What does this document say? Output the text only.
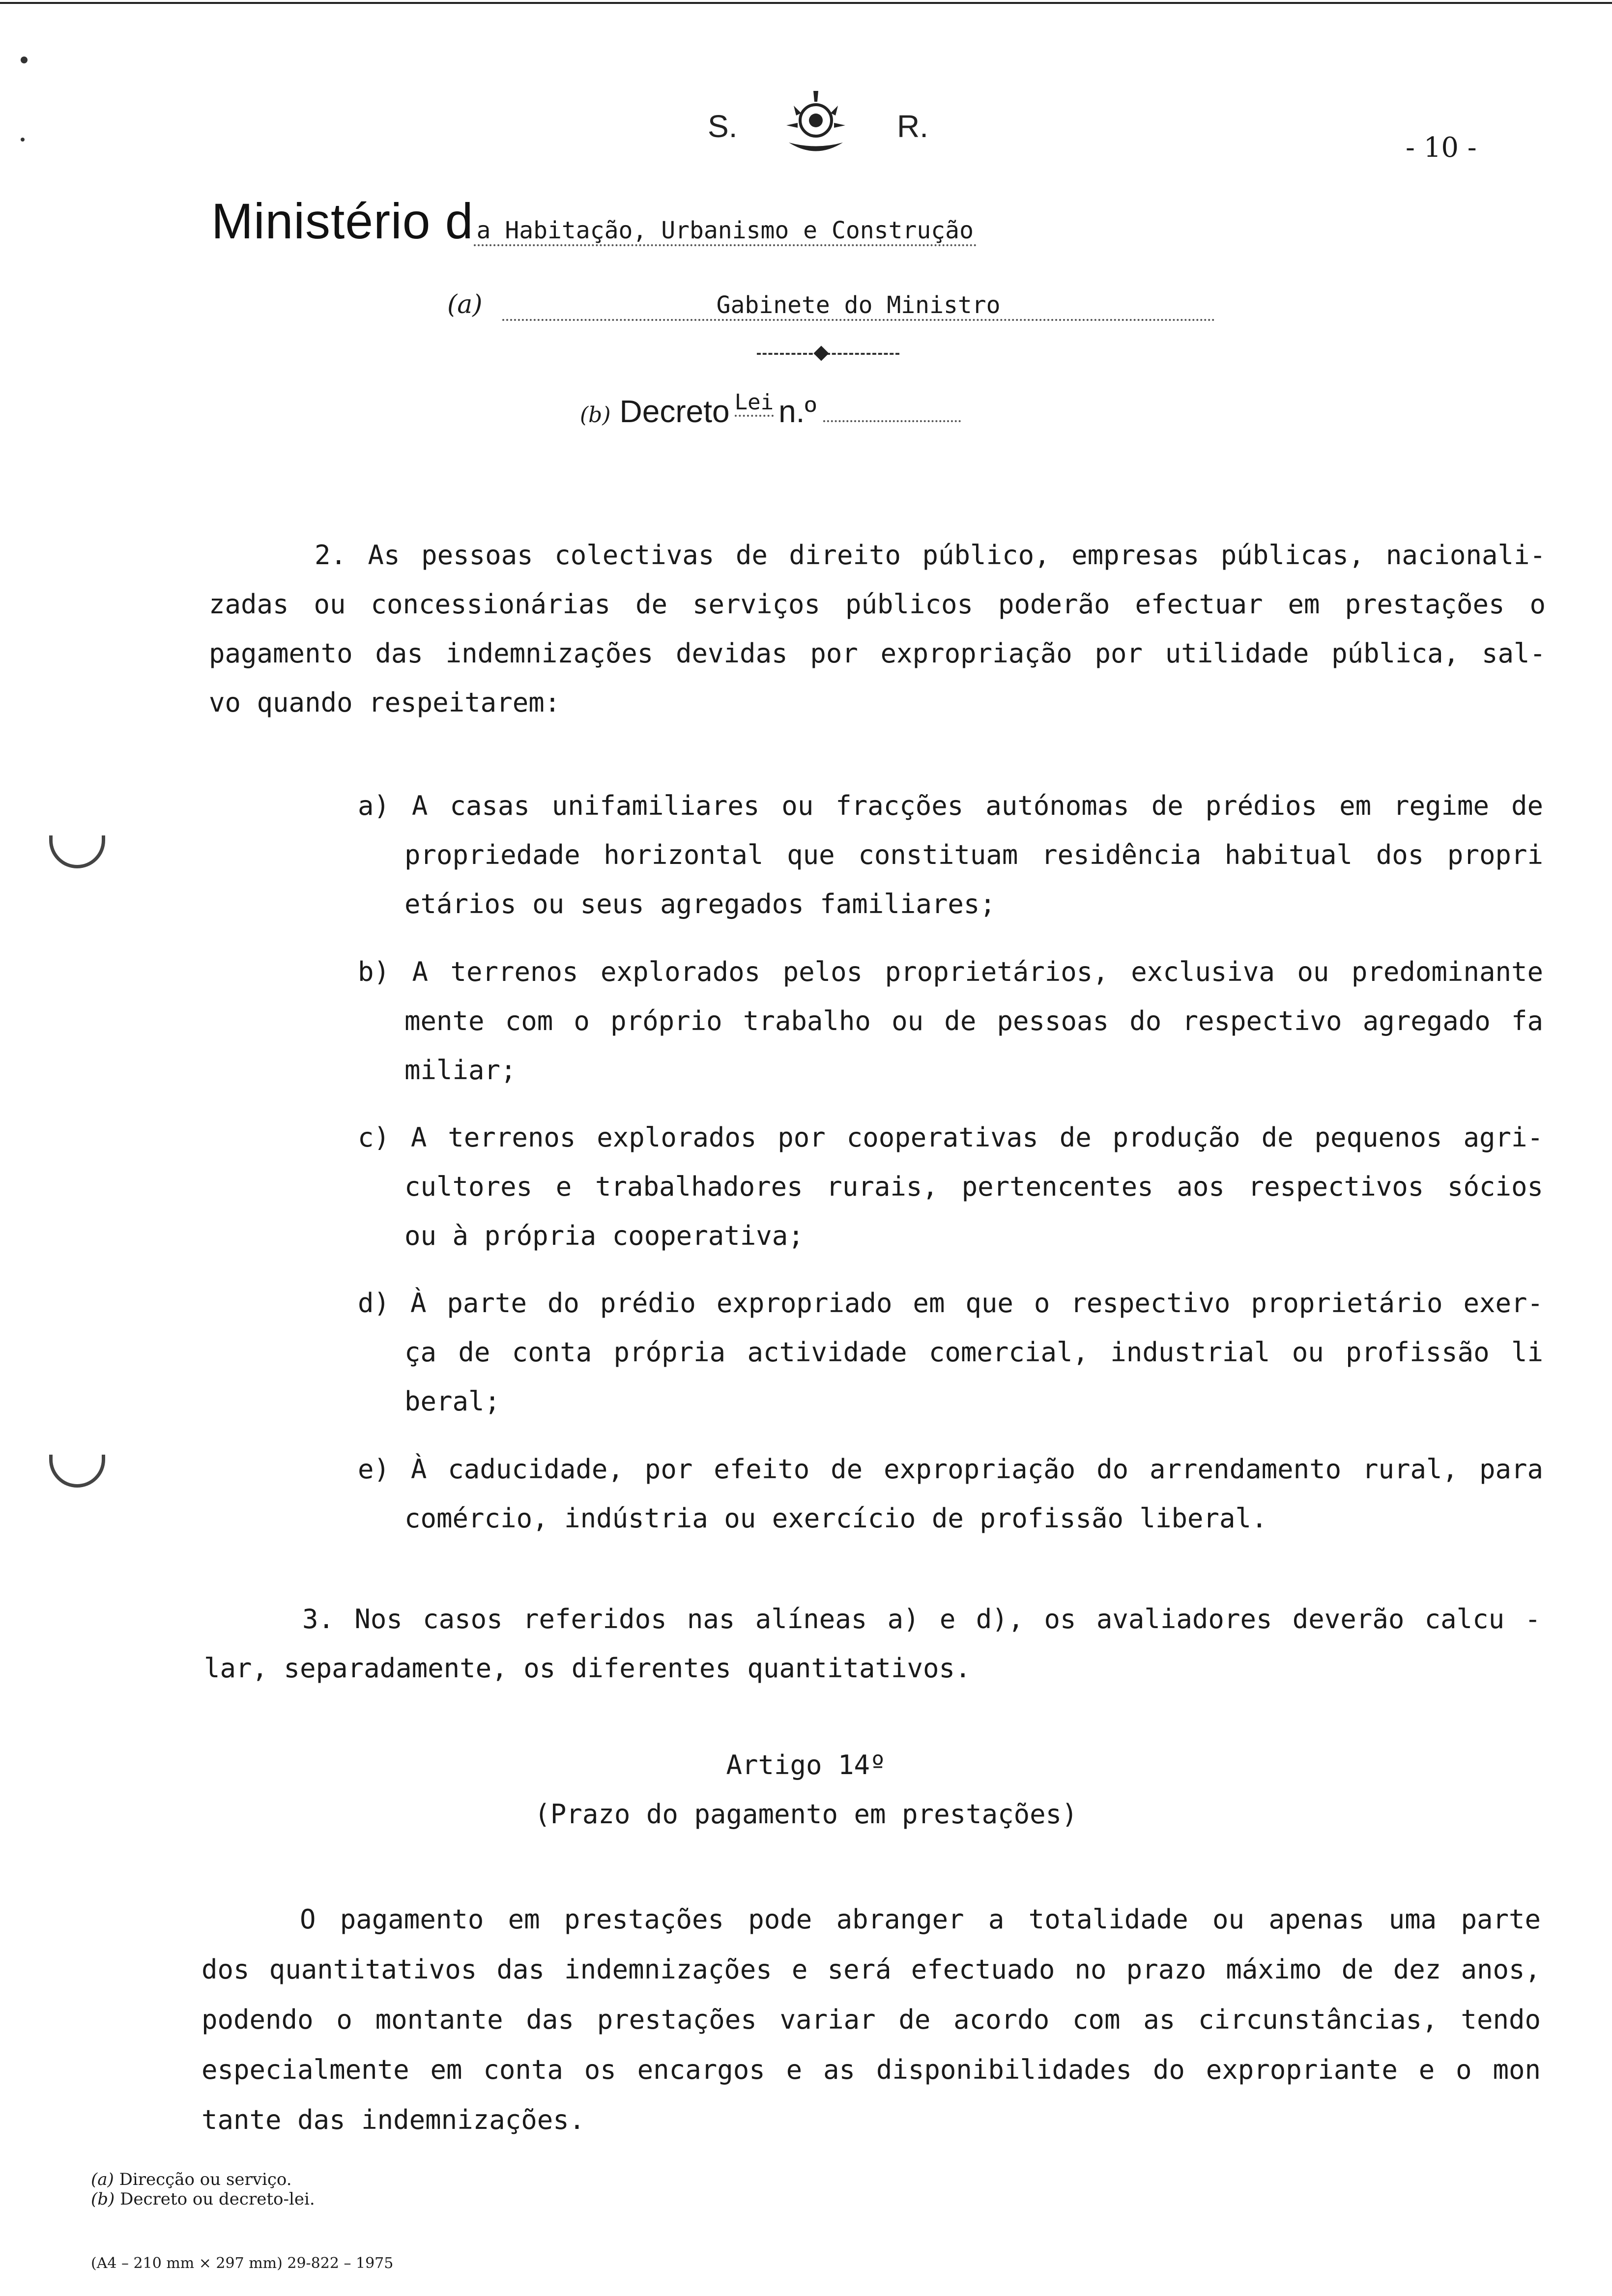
S.	R.
- 10 -
Ministério d a Habitação, Urbanismo e Construção
(a)	Gabinete do Ministro
(b) Decreto $^{Lei}$ n.º
2. As pessoas colectivas de direito público, empresas públicas, nacionali-
zadas ou concessionárias de serviços públicos poderão efectuar em prestações o
pagamento das indemnizações devidas por expropriação por utilidade pública, sal-
vo quando respeitarem:
a) A casas unifamiliares ou fracções autónomas de prédios em regime de
propriedade horizontal que constituam residência habitual dos propri
etários ou seus agregados familiares;
b) A terrenos explorados pelos proprietários, exclusiva ou predominante
mente com o próprio trabalho ou de pessoas do respectivo agregado fa
miliar;
c) A terrenos explorados por cooperativas de produção de pequenos agri-
cultores e trabalhadores rurais, pertencentes aos respectivos sócios
ou à própria cooperativa;
d) À parte do prédio expropriado em que o respectivo proprietário exer-
ça de conta própria actividade comercial, industrial ou profissão li
beral;
e) À caducidade, por efeito de expropriação do arrendamento rural, para
comércio, indústria ou exercício de profissão liberal.
3. Nos casos referidos nas alíneas a) e d), os avaliadores deverão calcu -
lar, separadamente, os diferentes quantitativos.
Artigo 14º
(Prazo do pagamento em prestações)
O pagamento em prestações pode abranger a totalidade ou apenas uma parte
dos quantitativos das indemnizações e será efectuado no prazo máximo de dez anos,
podendo o montante das prestações variar de acordo com as circunstâncias, tendo
especialmente em conta os encargos e as disponibilidades do expropriante e o mon
tante das indemnizações.
(a) Direcção ou serviço.
(b) Decreto ou decreto-lei.
(A4 – 210 mm × 297 mm) 29-822 – 1975
